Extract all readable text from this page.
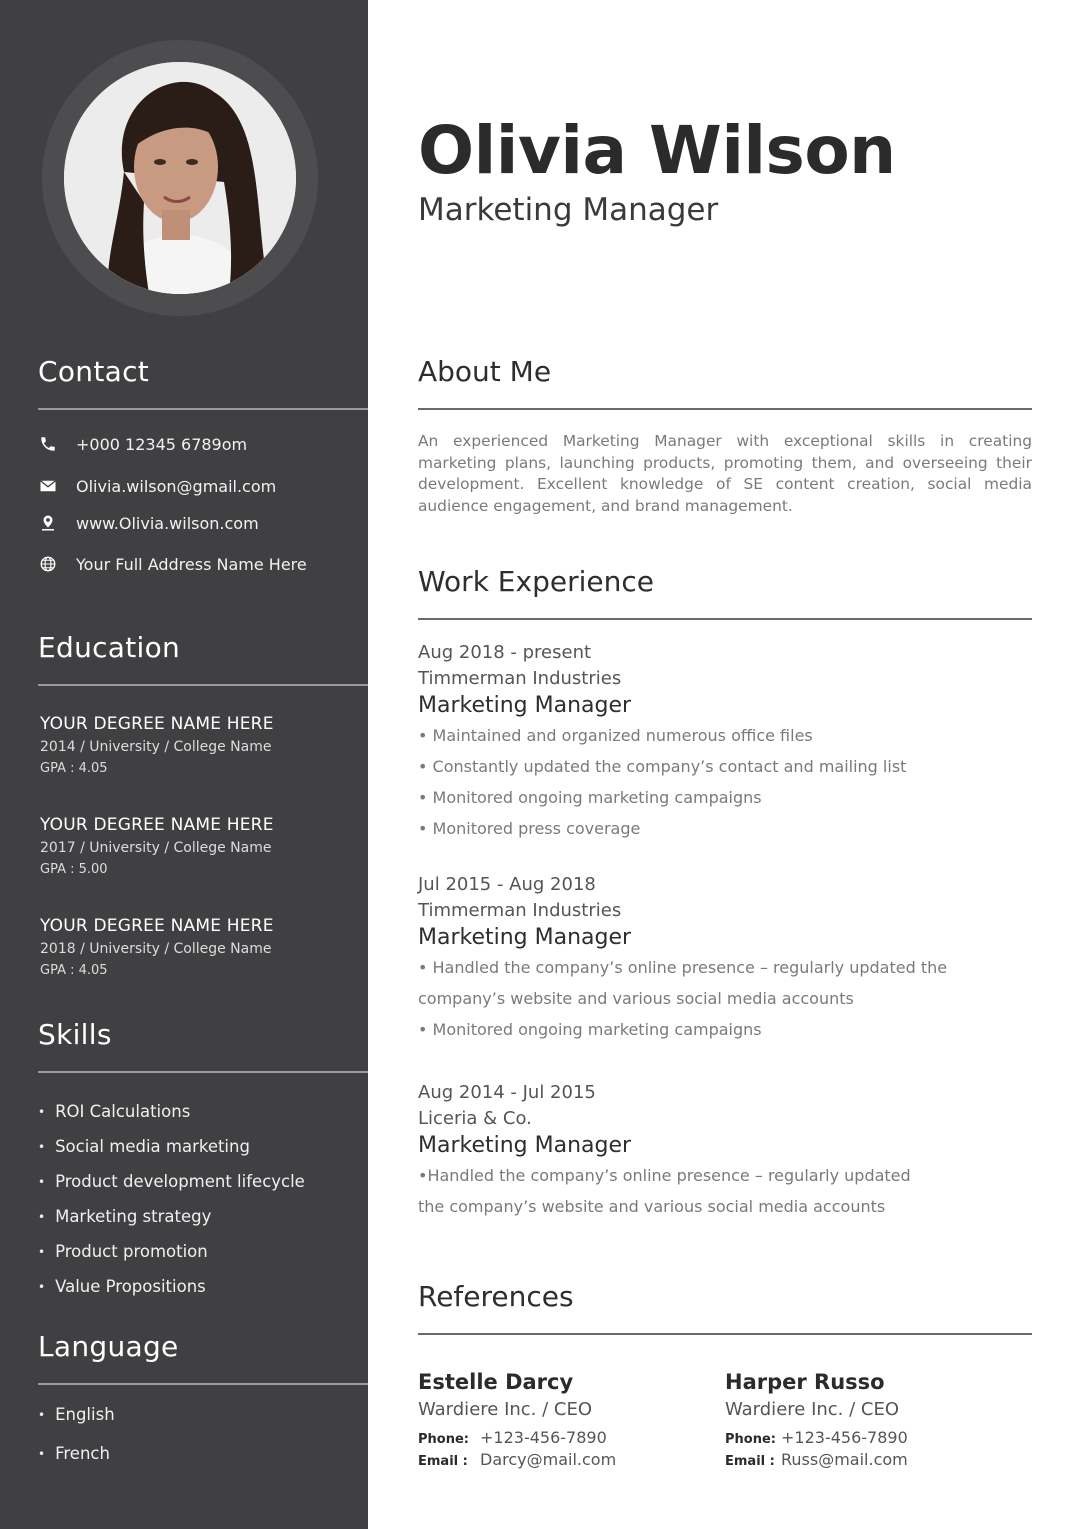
Contact
+000 12345 6789om
Olivia.wilson@gmail.com
www.Olivia.wilson.com
Your Full Address Name Here
Education
YOUR DEGREE NAME HERE
2014 / University / College Name
GPA : 4.05
YOUR DEGREE NAME HERE
2017 / University / College Name
GPA : 5.00
YOUR DEGREE NAME HERE
2018 / University / College Name
GPA : 4.05
Skills
• ROI Calculations
• Social media marketing
• Product development lifecycle
• Marketing strategy
• Product promotion
• Value Propositions
Language
• English
• French
Olivia Wilson
Marketing Manager
About Me
An experienced Marketing Manager with exceptional skills in creating marketing plans, launching products, promoting them, and overseeing their development. Excellent knowledge of SE content creation, social media audience engagement, and brand management.
Work Experience
Aug 2018 - present
Timmerman Industries
Marketing Manager
• Maintained and organized numerous office files
• Constantly updated the company’s contact and mailing list
• Monitored ongoing marketing campaigns
• Monitored press coverage
Jul 2015 - Aug 2018
Timmerman Industries
Marketing Manager
• Handled the company’s online presence – regularly updated the
company’s website and various social media accounts
• Monitored ongoing marketing campaigns
Aug 2014 - Jul 2015
Liceria & Co.
Marketing Manager
•Handled the company’s online presence – regularly updated
the company’s website and various social media accounts
References
Estelle Darcy
Wardiere Inc. / CEO
Phone: +123-456-7890
Email : Darcy@mail.com
Harper Russo
Wardiere Inc. / CEO
Phone: +123-456-7890
Email : Russ@mail.com
